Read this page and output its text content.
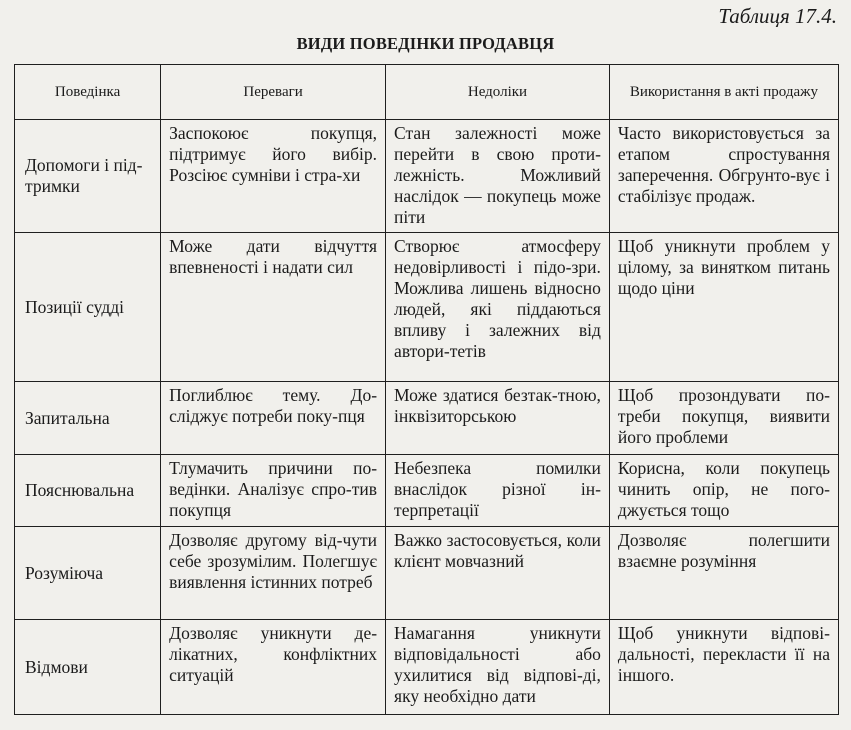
Таблиця 17.4.
ВИДИ ПОВЕДІНКИ ПРОДАВЦЯ
Поведінка	Переваги	Недоліки	Використання в акті продажу
Допомоги і під-тримки	Заспокоює покупця, підтримує його вибір. Розсіює сумніви і стра-хи	Стан залежності може перейти в свою проти-лежність. Можливий наслідок — покупець може піти	Часто використовується за етапом спростування заперечення. Обгрунто-вує і стабілізує продаж.
Позиції судді	Може дати відчуття впевненості і надати сил	Створює атмосферу недовірливості і підо-зри. Можлива лишень відносно людей, які піддаються впливу і залежних від автори-тетів	Щоб уникнути проблем у цілому, за винятком питань щодо ціни
Запитальна	Поглиблює тему. До-сліджує потреби поку-пця	Може здатися безтак-тною, інквізиторською	Щоб прозондувати по-треби покупця, виявити його проблеми
Пояснювальна	Тлумачить причини по-ведінки. Аналізує спро-тив покупця	Небезпека помилки внаслідок різної ін-терпретації	Корисна, коли покупець чинить опір, не пого-джується тощо
Розуміюча	Дозволяє другому від-чути себе зрозумілим. Полегшує виявлення істинних потреб	Важко застосовується, коли клієнт мовчазний	Дозволяє полегшити взаємне розуміння
Відмови	Дозволяє уникнути де-лікатних, конфліктних ситуацій	Намагання уникнути відповідальності або ухилитися від відпові-ді, яку необхідно дати	Щоб уникнути відпові-дальності, перекласти її на іншого.
